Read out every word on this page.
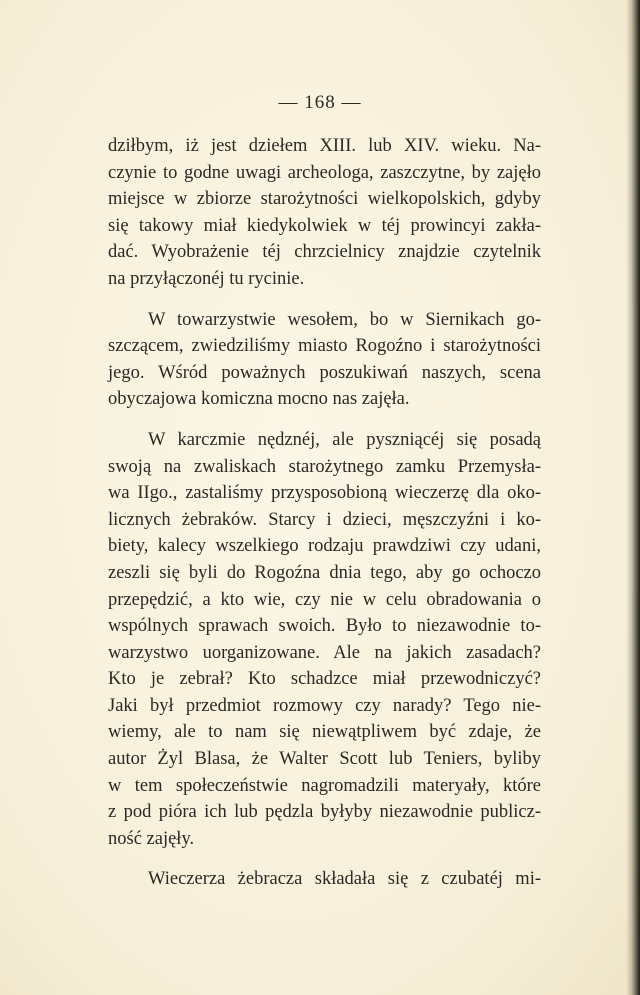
— 168 —

dziłbym, iż jest dziełem XIII. lub XIV. wieku. Na-
czynie to godne uwagi archeologa, zaszczytne, by zajęło
miejsce w zbiorze starożytności wielkopolskich, gdyby
się takowy miał kiedykolwiek w téj prowincyi zakła-
dać. Wyobrażenie téj chrzcielnicy znajdzie czytelnik
na przyłączonéj tu rycinie.

W towarzystwie wesołem, bo w Siernikach go-
szczącem, zwiedziliśmy miasto Rogoźno i starożytności
jego. Wśród poważnych poszukiwań naszych, scena
obyczajowa komiczna mocno nas zajęła.

W karczmie nędznéj, ale pyszniącéj się posadą
swoją na zwaliskach starożytnego zamku Przemysła-
wa IIgo., zastaliśmy przysposobioną wieczerzę dla oko-
licznych żebraków. Starcy i dzieci, męszczyźni i ko-
biety, kalecy wszelkiego rodzaju prawdziwi czy udani,
zeszli się byli do Rogoźna dnia tego, aby go ochoczo
przepędzić, a kto wie, czy nie w celu obradowania o
wspólnych sprawach swoich. Było to niezawodnie to-
warzystwo uorganizowane. Ale na jakich zasadach?
Kto je zebrał? Kto schadzce miał przewodniczyć?
Jaki był przedmiot rozmowy czy narady? Tego nie-
wiemy, ale to nam się niewątpliwem być zdaje, że
autor Żyl Blasa, że Walter Scott lub Teniers, byliby
w tem społeczeństwie nagromadzili materyały, które
z pod pióra ich lub pędzla byłyby niezawodnie publicz-
ność zajęły.

Wieczerza żebracza składała się z czubatéj mi-
